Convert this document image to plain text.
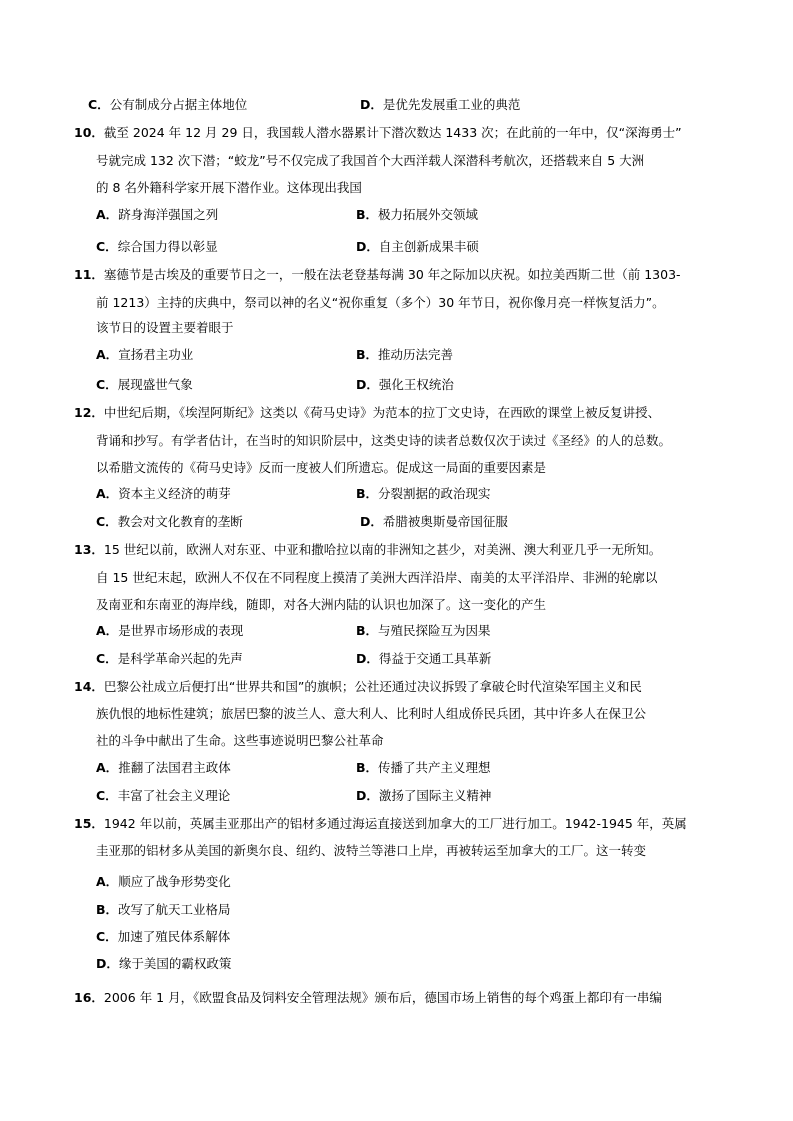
C．公有制成分占据主体地位	D．是优先发展重工业的典范
10．截至 2024 年 12 月 29 日，我国载人潜水器累计下潜次数达 1433 次；在此前的一年中，仅“深海勇士”
号就完成 132 次下潜；“蛟龙”号不仅完成了我国首个大西洋载人深潜科考航次，还搭载来自 5 大洲
的 8 名外籍科学家开展下潜作业。这体现出我国
A．跻身海洋强国之列	B．极力拓展外交领域
C．综合国力得以彰显	D．自主创新成果丰硕
11．塞德节是古埃及的重要节日之一，一般在法老登基每满 30 年之际加以庆祝。如拉美西斯二世（前 1303-
前 1213）主持的庆典中，祭司以神的名义“祝你重复（多个）30 年节日，祝你像月亮一样恢复活力”。
该节日的设置主要着眼于
A．宣扬君主功业	B．推动历法完善
C．展现盛世气象	D．强化王权统治
12．中世纪后期，《埃涅阿斯纪》这类以《荷马史诗》为范本的拉丁文史诗，在西欧的课堂上被反复讲授、
背诵和抄写。有学者估计，在当时的知识阶层中，这类史诗的读者总数仅次于读过《圣经》的人的总数。
以希腊文流传的《荷马史诗》反而一度被人们所遗忘。促成这一局面的重要因素是
A．资本主义经济的萌芽	B．分裂割据的政治现实
C．教会对文化教育的垄断	D．希腊被奥斯曼帝国征服
13．15 世纪以前，欧洲人对东亚、中亚和撒哈拉以南的非洲知之甚少，对美洲、澳大利亚几乎一无所知。
自 15 世纪末起，欧洲人不仅在不同程度上摸清了美洲大西洋沿岸、南美的太平洋沿岸、非洲的轮廓以
及南亚和东南亚的海岸线，随即，对各大洲内陆的认识也加深了。这一变化的产生
A．是世界市场形成的表现	B．与殖民探险互为因果
C．是科学革命兴起的先声	D．得益于交通工具革新
14．巴黎公社成立后便打出“世界共和国”的旗帜；公社还通过决议拆毁了拿破仑时代渲染军国主义和民
族仇恨的地标性建筑；旅居巴黎的波兰人、意大利人、比利时人组成侨民兵团，其中许多人在保卫公
社的斗争中献出了生命。这些事迹说明巴黎公社革命
A．推翻了法国君主政体	B．传播了共产主义理想
C．丰富了社会主义理论	D．激扬了国际主义精神
15．1942 年以前，英属圭亚那出产的铝材多通过海运直接送到加拿大的工厂进行加工。1942-1945 年，英属
圭亚那的铝材多从美国的新奥尔良、纽约、波特兰等港口上岸，再被转运至加拿大的工厂。这一转变
A．顺应了战争形势变化
B．改写了航天工业格局
C．加速了殖民体系解体
D．缘于美国的霸权政策
16．2006 年 1 月，《欧盟食品及饲料安全管理法规》颁布后，德国市场上销售的每个鸡蛋上都印有一串编
